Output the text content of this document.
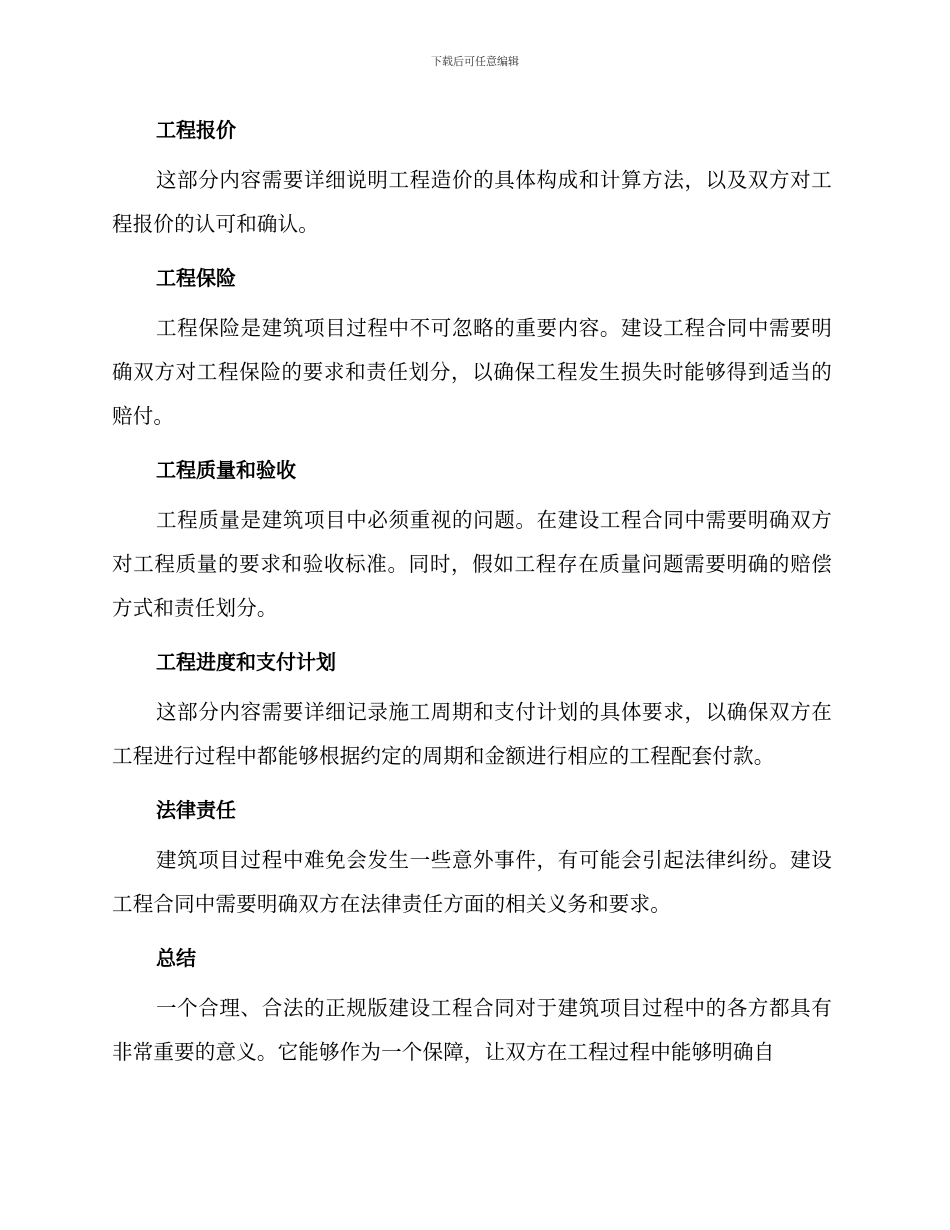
下载后可任意编辑
工程报价

这部分内容需要详细说明工程造价的具体构成和计算方法，以及双方对工程报价的认可和确认。

工程保险

工程保险是建筑项目过程中不可忽略的重要内容。建设工程合同中需要明确双方对工程保险的要求和责任划分，以确保工程发生损失时能够得到适当的赔付。

工程质量和验收

工程质量是建筑项目中必须重视的问题。在建设工程合同中需要明确双方对工程质量的要求和验收标准。同时，假如工程存在质量问题需要明确的赔偿方式和责任划分。

工程进度和支付计划

这部分内容需要详细记录施工周期和支付计划的具体要求，以确保双方在工程进行过程中都能够根据约定的周期和金额进行相应的工程配套付款。

法律责任

建筑项目过程中难免会发生一些意外事件，有可能会引起法律纠纷。建设工程合同中需要明确双方在法律责任方面的相关义务和要求。

总结

一个合理、合法的正规版建设工程合同对于建筑项目过程中的各方都具有非常重要的意义。它能够作为一个保障，让双方在工程过程中能够明确自
